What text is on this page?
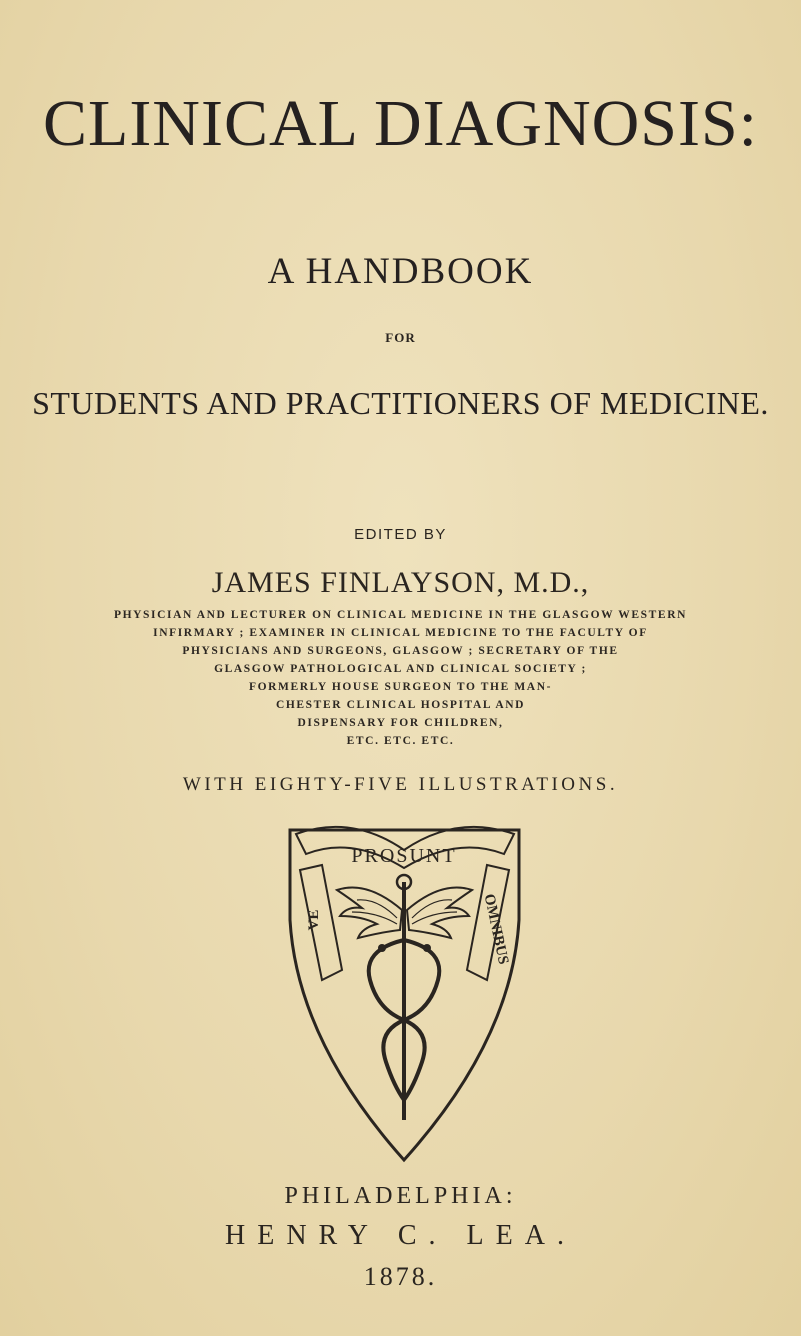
CLINICAL DIAGNOSIS:
A HANDBOOK
FOR
STUDENTS AND PRACTITIONERS OF MEDICINE.
EDITED BY
JAMES FINLAYSON, M.D.,
PHYSICIAN AND LECTURER ON CLINICAL MEDICINE IN THE GLASGOW WESTERN
INFIRMARY ; EXAMINER IN CLINICAL MEDICINE TO THE FACULTY OF
PHYSICIANS AND SURGEONS, GLASGOW ; SECRETARY OF THE
GLASGOW PATHOLOGICAL AND CLINICAL SOCIETY ;
FORMERLY HOUSE SURGEON TO THE MAN-
CHESTER CLINICAL HOSPITAL AND
DISPENSARY FOR CHILDREN,
ETC. ETC. ETC.
WITH EIGHTY-FIVE ILLUSTRATIONS.
PROSUNT
VE	OMNIBUS
PHILADELPHIA:
HENRY C. LEA.
1878.
